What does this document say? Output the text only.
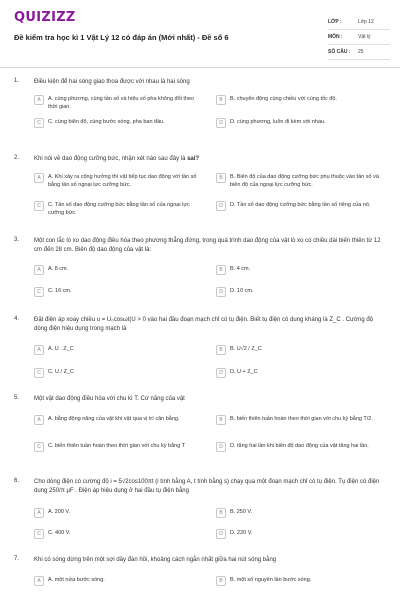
QUIZIZZ
Đề kiểm tra học kì 1 Vật Lý 12 có đáp án (Mới nhất) - Đề số 6
LỚP :	Lớp 12
MÔN :	Vật lý
SỐ CÂU :	25
1. Điều kiện để hai sóng giao thoa được với nhau là hai sóng
A	A. cùng phương, cùng tần số và hiệu số pha không đổi theo thời gian.
B	B. chuyển động cùng chiều với cùng tốc độ.
C	C. cùng biên độ, cùng bước sóng, pha ban đầu.	D	D. cùng phương, luôn đi kèm với nhau.
2. Khi nói về dao động cưỡng bức, nhận xét nào sau đây là sai?
A	A. Khi xảy ra cộng hưởng thì vật tiếp tục dao động với tần số bằng tần số ngoại lực cưỡng bức.
B	B. Biên độ của dao động cưỡng bức phụ thuộc vào tần số và biên độ của ngoại lực cưỡng bức.
C	C. Tần số dao động cưỡng bức bằng tần số của ngoại lực cưỡng bức.
D	D. Tần số dao động cưỡng bức bằng tần số riêng của nó.
3. Một con lắc lò xo dao động điều hòa theo phương thẳng đứng, trong quá trình dao động của vật lò xo có chiều dài biến thiên từ 12 cm đến 28 cm. Biên độ dao động của vật là:
A	A. 8 cm.	B	B. 4 cm.
C	C. 16 cm.	D	D. 10 cm.
4. Đặt điện áp xoay chiều u = U₀cosωt(U > 0 vào hai đầu đoạn mạch chỉ có tụ điện. Biết tụ điện có dung kháng là Z_C . Cường độ dòng điện hiệu dụng trong mạch là
A	A. U . Z_C	B	B. U√2 / Z_C
C	C. U / Z_C	D	D. U + Z_C
5. Một vật dao động điều hòa với chu kì T. Cơ năng của vật
A	A. bằng động năng của vật khi vật qua vị trí cân bằng.	B	B. biến thiên tuần hoàn theo thời gian với chu kỳ bằng T/2.
C	C. biến thiên tuần hoàn theo thời gian với chu kỳ bằng T	D	D. tăng hai lần khi biên độ dao động của vật tăng hai lần.
6. Cho dòng điện có cường độ i = 5√2cos100πt (i tính bằng A, t tính bằng s) chạy qua một đoạn mạch chỉ có tụ điện. Tụ điện có điện dung 250/π μF . Điện áp hiệu dụng ở hai đầu tụ điện bằng
A	A. 200 V.	B	B. 250 V.
C	C. 400 V.	D	D. 220 V.
7. Khi có sóng dừng trên một sợi dây đàn hồi, khoảng cách ngắn nhất giữa hai nút sóng bằng
A	A. một nửa bước sóng.	B	B. một số nguyên lần bước sóng.
